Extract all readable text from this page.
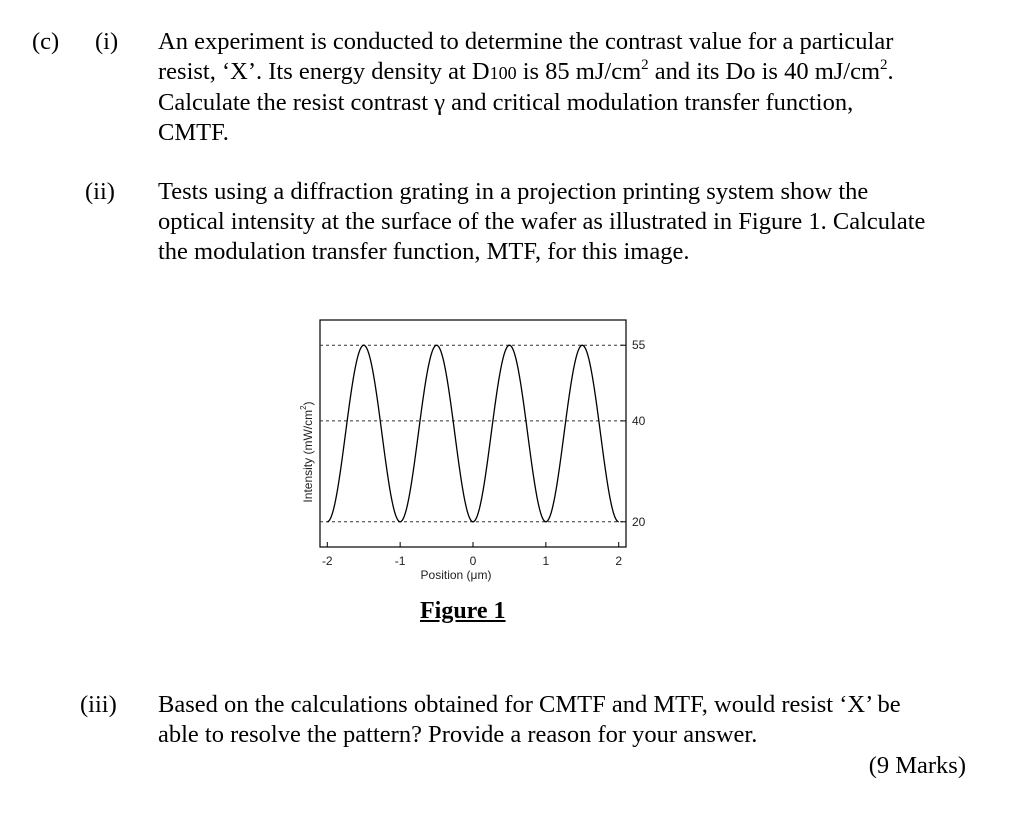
(c) (i) An experiment is conducted to determine the contrast value for a particular
resist, ‘X’. Its energy density at D100 is 85 $mJ/cm^2$ and its Do is 40 $mJ/cm^2$.
Calculate the resist contrast γ and critical modulation transfer function,
CMTF.
(ii) Tests using a diffraction grating in a projection printing system show the
optical intensity at the surface of the wafer as illustrated in Figure 1. Calculate
the modulation transfer function, MTF, for this image.
55
40
20
-2	-1	0	1	2
Position (μm)
Intensity $(mW/cm^2)$
Figure 1
(iii) Based on the calculations obtained for CMTF and MTF, would resist ‘X’ be
able to resolve the pattern? Provide a reason for your answer.
(9 Marks)
